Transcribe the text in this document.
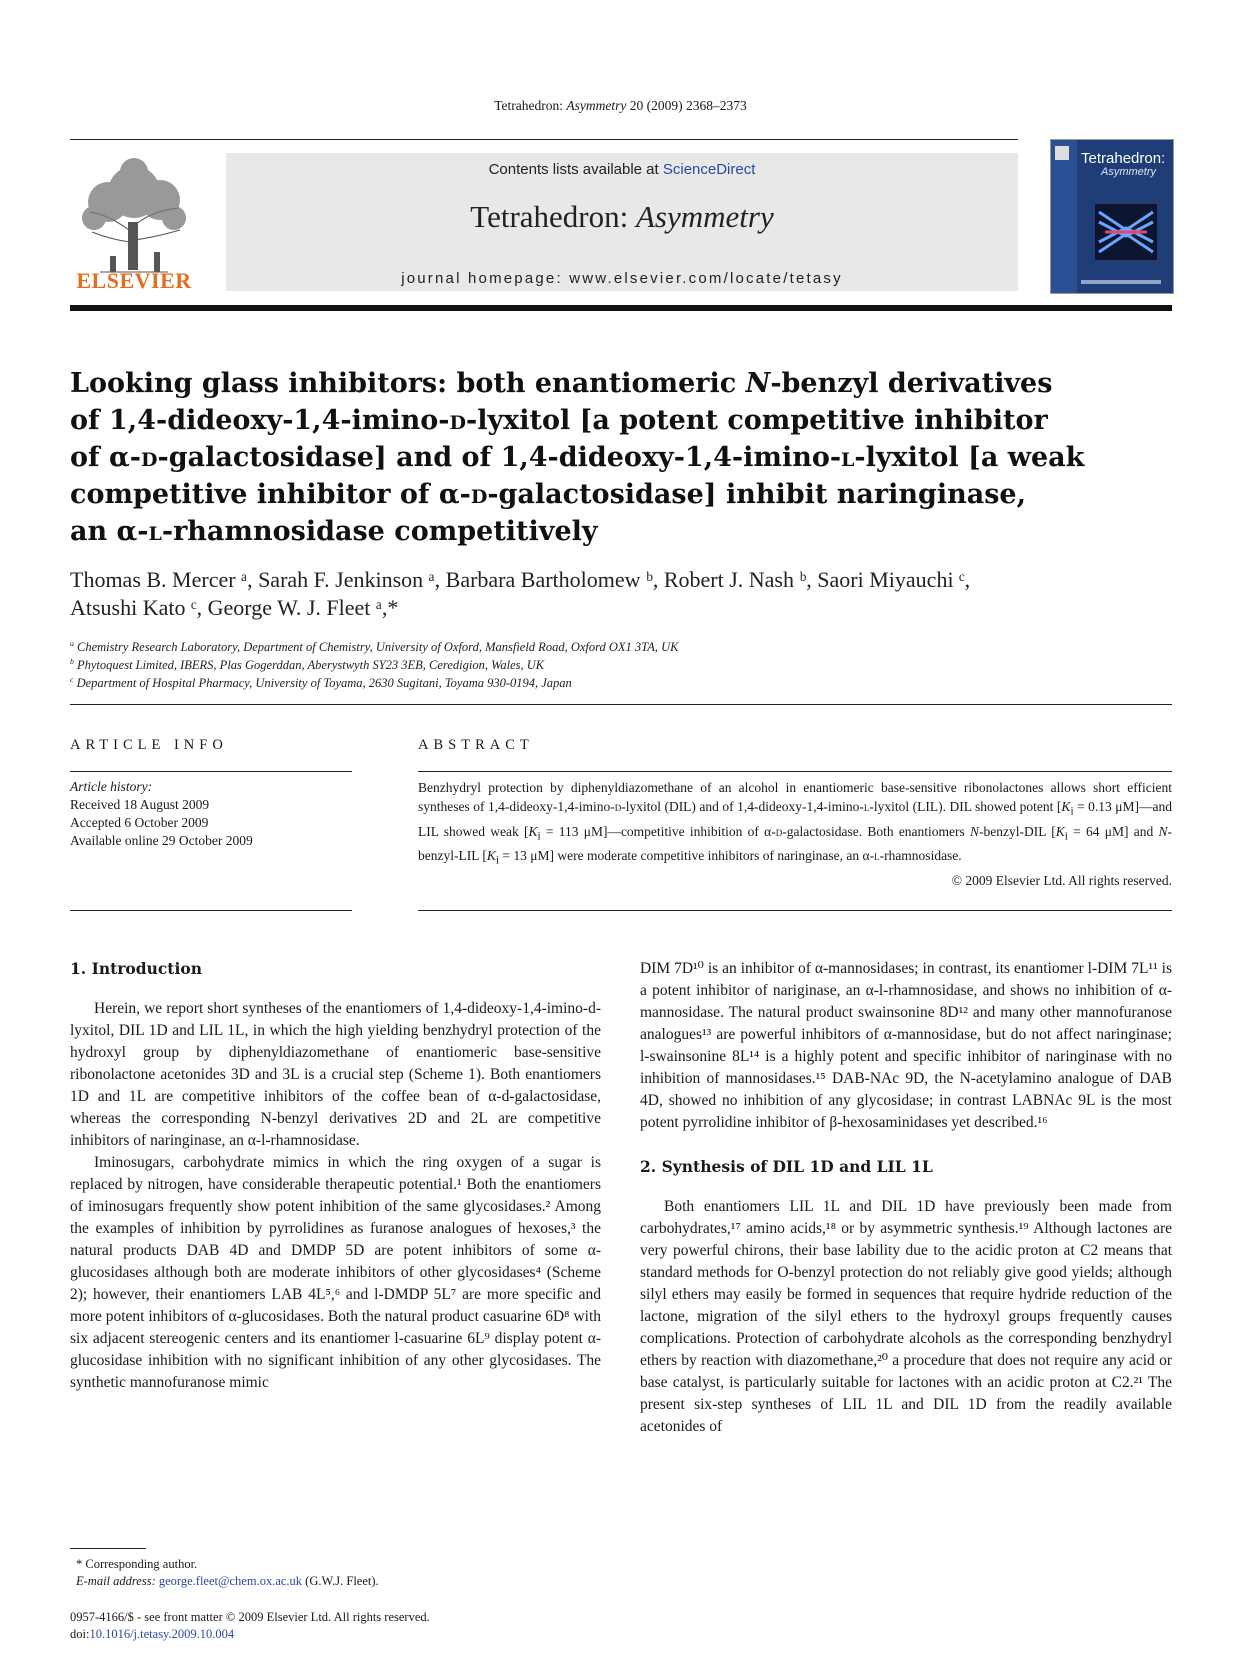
Tetrahedron: Asymmetry 20 (2009) 2368–2373
ELSEVIER
Contents lists available at ScienceDirect
Tetrahedron: Asymmetry
journal homepage: www.elsevier.com/locate/tetasy
Tetrahedron:
Asymmetry
Looking glass inhibitors: both enantiomeric N-benzyl derivatives
of 1,4-dideoxy-1,4-imino-d-lyxitol [a potent competitive inhibitor
of α-d-galactosidase] and of 1,4-dideoxy-1,4-imino-l-lyxitol [a weak
competitive inhibitor of α-d-galactosidase] inhibit naringinase,
an α-l-rhamnosidase competitively
Thomas B. Mercer ᵃ, Sarah F. Jenkinson ᵃ, Barbara Bartholomew ᵇ, Robert J. Nash ᵇ, Saori Miyauchi ᶜ,
Atsushi Kato ᶜ, George W. J. Fleet ᵃ,*
$^a$ Chemistry Research Laboratory, Department of Chemistry, University of Oxford, Mansfield Road, Oxford OX1 3TA, UK
$^b$ Phytoquest Limited, IBERS, Plas Gogerddan, Aberystwyth SY23 3EB, Ceredigion, Wales, UK
$^c$ Department of Hospital Pharmacy, University of Toyama, 2630 Sugitani, Toyama 930-0194, Japan
ARTICLE INFO	ABSTRACT
Article history:
Received 18 August 2009
Accepted 6 October 2009
Available online 29 October 2009
Benzhydryl protection by diphenyldiazomethane of an alcohol in enantiomeric base-sensitive ribonolactones allows short efficient syntheses of 1,4-dideoxy-1,4-imino-d-lyxitol (DIL) and of 1,4-dideoxy-1,4-imino-l-lyxitol (LIL). DIL showed potent [$K_i = 0.13$ μM]—and LIL showed weak [$K_i = 113$ μM]—competitive inhibition of α-d-galactosidase. Both enantiomers N-benzyl-DIL [$K_i = 64$ μM] and N-benzyl-LIL [$K_i = 13$ μM] were moderate competitive inhibitors of naringinase, an α-l-rhamnosidase.
© 2009 Elsevier Ltd. All rights reserved.
1. Introduction

Herein, we report short syntheses of the enantiomers of 1,4-dideoxy-1,4-imino-d-lyxitol, DIL 1D and LIL 1L, in which the high yielding benzhydryl protection of the hydroxyl group by diphenyldiazomethane of enantiomeric base-sensitive ribonolactone acetonides 3D and 3L is a crucial step (Scheme 1). Both enantiomers 1D and 1L are competitive inhibitors of the coffee bean of α-d-galactosidase, whereas the corresponding N-benzyl derivatives 2D and 2L are competitive inhibitors of naringinase, an α-l-rhamnosidase.

Iminosugars, carbohydrate mimics in which the ring oxygen of a sugar is replaced by nitrogen, have considerable therapeutic potential.¹ Both the enantiomers of iminosugars frequently show potent inhibition of the same glycosidases.² Among the examples of inhibition by pyrrolidines as furanose analogues of hexoses,³ the natural products DAB 4D and DMDP 5D are potent inhibitors of some α-glucosidases although both are moderate inhibitors of other glycosidases⁴ (Scheme 2); however, their enantiomers LAB 4L⁵,⁶ and l-DMDP 5L⁷ are more specific and more potent inhibitors of α-glucosidases. Both the natural product casuarine 6D⁸ with six adjacent stereogenic centers and its enantiomer l-casuarine 6L⁹ display potent α-glucosidase inhibition with no significant inhibition of any other glycosidases. The synthetic mannofuranose mimic

DIM 7D¹⁰ is an inhibitor of α-mannosidases; in contrast, its enantiomer l-DIM 7L¹¹ is a potent inhibitor of nariginase, an α-l-rhamnosidase, and shows no inhibition of α-mannosidase. The natural product swainsonine 8D¹² and many other mannofuranose analogues¹³ are powerful inhibitors of α-mannosidase, but do not affect naringinase; l-swainsonine 8L¹⁴ is a highly potent and specific inhibitor of naringinase with no inhibition of mannosidases.¹⁵ DAB-NAc 9D, the N-acetylamino analogue of DAB 4D, showed no inhibition of any glycosidase; in contrast LABNAc 9L is the most potent pyrrolidine inhibitor of β-hexosaminidases yet described.¹⁶

2. Synthesis of DIL 1D and LIL 1L

Both enantiomers LIL 1L and DIL 1D have previously been made from carbohydrates,¹⁷ amino acids,¹⁸ or by asymmetric synthesis.¹⁹ Although lactones are very powerful chirons, their base lability due to the acidic proton at C2 means that standard methods for O-benzyl protection do not reliably give good yields; although silyl ethers may easily be formed in sequences that require hydride reduction of the lactone, migration of the silyl ethers to the hydroxyl groups frequently causes complications. Protection of carbohydrate alcohols as the corresponding benzhydryl ethers by reaction with diazomethane,²⁰ a procedure that does not require any acid or base catalyst, is particularly suitable for lactones with an acidic proton at C2.²¹ The present six-step syntheses of LIL 1L and DIL 1D from the readily available acetonides of

* Corresponding author.
E-mail address: george.fleet@chem.ox.ac.uk (G.W.J. Fleet).
0957-4166/$ - see front matter © 2009 Elsevier Ltd. All rights reserved.
doi:10.1016/j.tetasy.2009.10.004
